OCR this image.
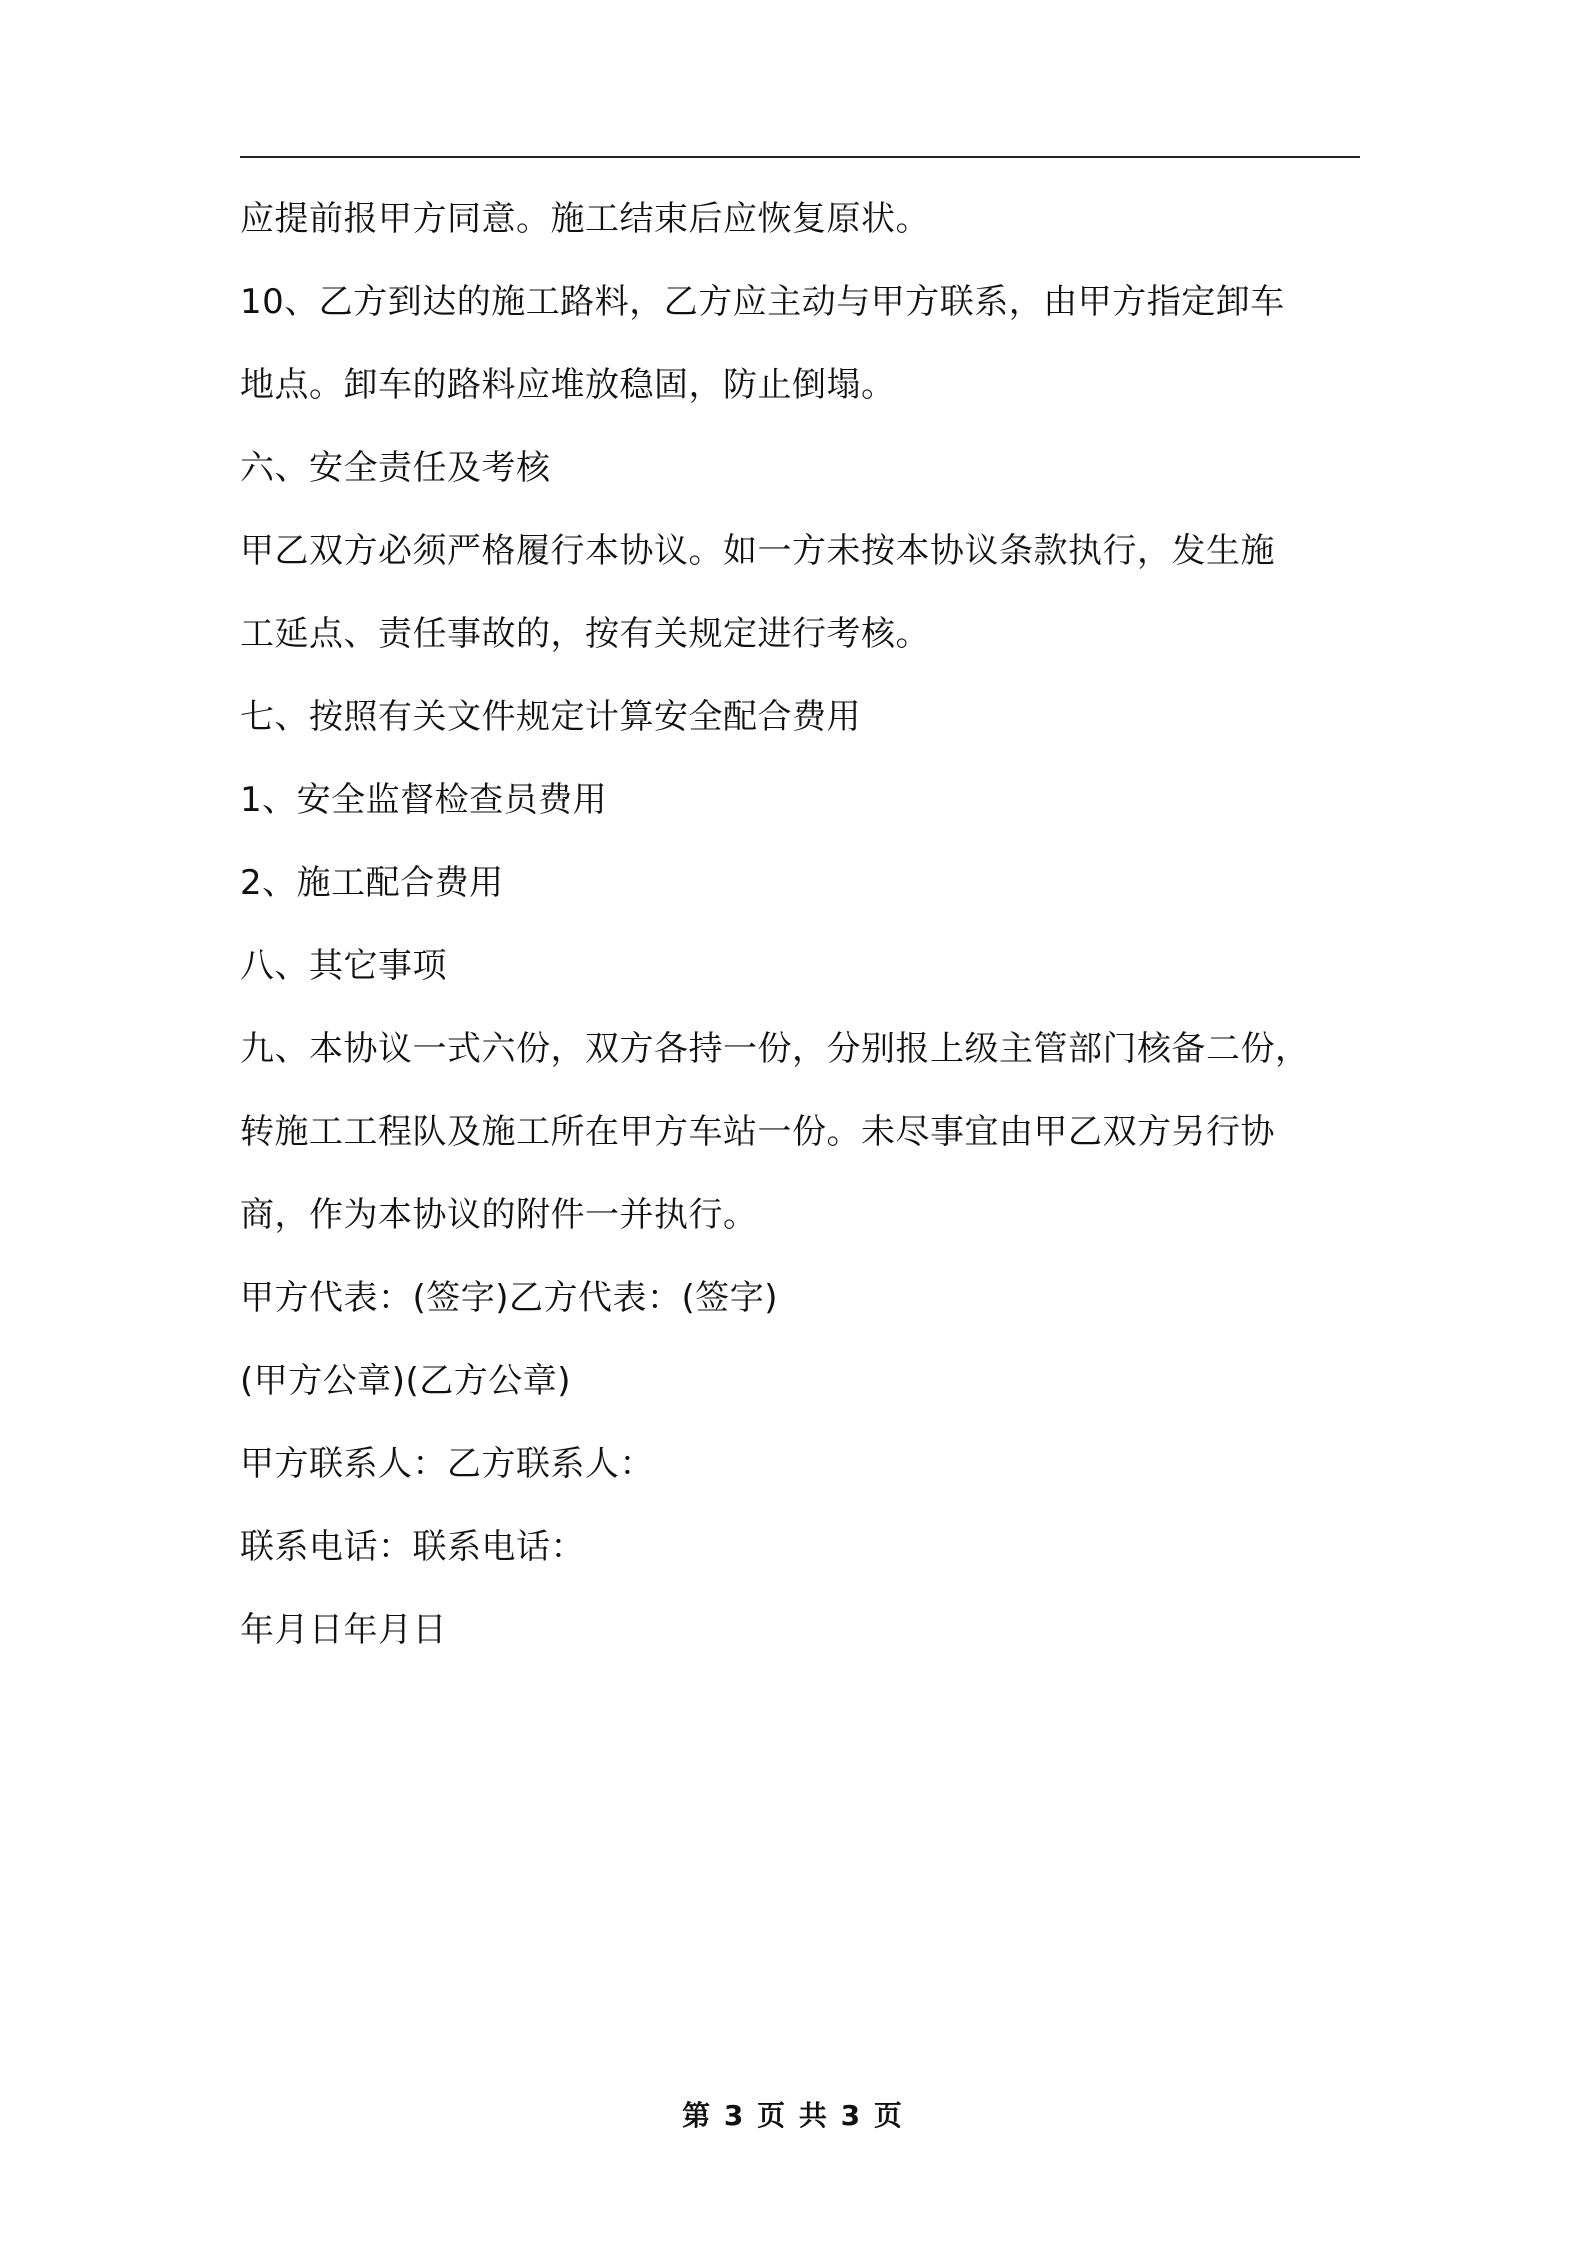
应提前报甲方同意。施工结束后应恢复原状。
10、乙方到达的施工路料，乙方应主动与甲方联系，由甲方指定卸车
地点。卸车的路料应堆放稳固，防止倒塌。
六、安全责任及考核
甲乙双方必须严格履行本协议。如一方未按本协议条款执行，发生施
工延点、责任事故的，按有关规定进行考核。
七、按照有关文件规定计算安全配合费用
1、安全监督检查员费用
2、施工配合费用
八、其它事项
九、本协议一式六份，双方各持一份，分别报上级主管部门核备二份，
转施工工程队及施工所在甲方车站一份。未尽事宜由甲乙双方另行协
商，作为本协议的附件一并执行。
甲方代表：(签字)乙方代表：(签字)
(甲方公章)(乙方公章)
甲方联系人：乙方联系人：
联系电话：联系电话：
年月日年月日
第 3 页 共 3 页
